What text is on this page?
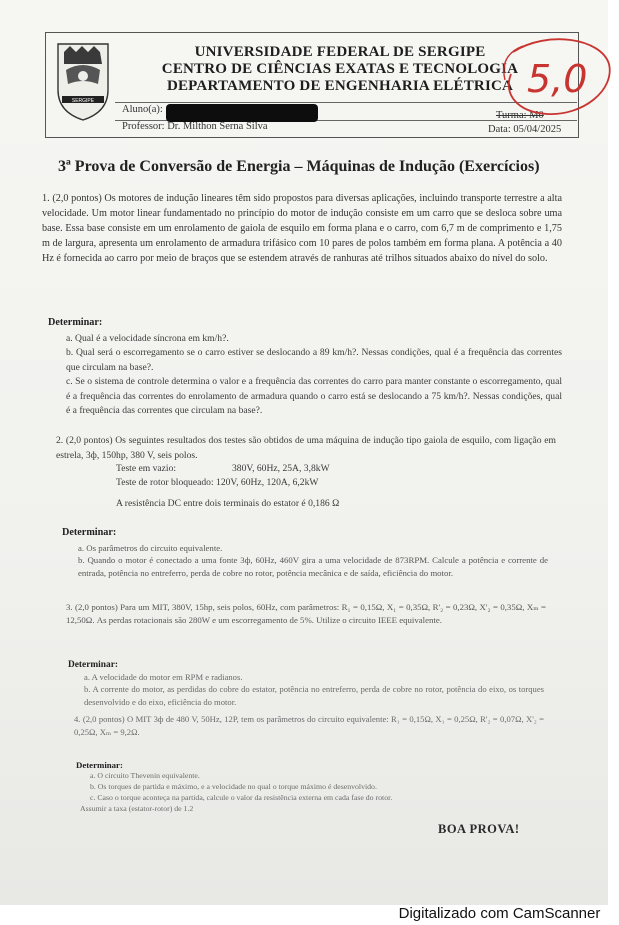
SERGIPE
UNIVERSIDADE FEDERAL DE SERGIPE
CENTRO DE CIÊNCIAS EXATAS E TECNOLOGIA
DEPARTAMENTO DE ENGENHARIA ELÉTRICA
Aluno(a):
Professor: Dr. Milthon Serna Silva
Turma: M0
Data: 05/04/2025
5,0
3ª Prova de Conversão de Energia – Máquinas de Indução (Exercícios)
1. (2,0 pontos) Os motores de indução lineares têm sido propostos para diversas aplicações, incluindo transporte terrestre a alta velocidade. Um motor linear fundamentado no princípio do motor de indução consiste em um carro que se desloca sobre uma base. Essa base consiste em um enrolamento de gaiola de esquilo em forma plana e o carro, com 6,7 m de comprimento e 1,75 m de largura, apresenta um enrolamento de armadura trifásico com 10 pares de polos também em forma plana. A potência a 40 Hz é fornecida ao carro por meio de braços que se estendem através de ranhuras até trilhos situados abaixo do nível do solo.
Determinar:
a. Qual é a velocidade síncrona em km/h?.
b. Qual será o escorregamento se o carro estiver se deslocando a 89 km/h?. Nessas condições, qual é a frequência das correntes que circulam na base?.
c. Se o sistema de controle determina o valor e a frequência das correntes do carro para manter constante o escorregamento, qual é a frequência das correntes do enrolamento de armadura quando o carro está se deslocando a 75 km/h?. Nessas condições, qual é a frequência das correntes que circulam na base?.
2. (2,0 pontos) Os seguintes resultados dos testes são obtidos de uma máquina de indução tipo gaiola de esquilo, com ligação em estrela, 3ф, 150hp, 380 V, seis polos.
Teste em vazio:	380V, 60Hz, 25A, 3,8kW
Teste de rotor bloqueado: 120V, 60Hz, 120A, 6,2kW
A resistência DC entre dois terminais do estator é 0,186 Ω
Determinar:
a. Os parâmetros do circuito equivalente.
b. Quando o motor é conectado a uma fonte 3ф, 60Hz, 460V gira a uma velocidade de 873RPM. Calcule a potência e corrente de entrada, potência no entreferro, perda de cobre no rotor, potência mecânica e de saída, eficiência do motor.
3. (2,0 pontos) Para um MIT, 380V, 15hp, seis polos, 60Hz, com parâmetros: R₁ = 0,15Ω, X₁ = 0,35Ω, R'₂ = 0,23Ω, X'₂ = 0,35Ω, Xₘ = 12,50Ω. As perdas rotacionais são 280W e um escorregamento de 5%. Utilize o circuito IEEE equivalente.
Determinar:
a. A velocidade do motor em RPM e radianos.
b. A corrente do motor, as perdidas do cobre do estator, potência no entreferro, perda de cobre no rotor, potência do eixo, os torques desenvolvido e do eixo, eficiência do motor.
4. (2,0 pontos) O MIT 3ф de 480 V, 50Hz, 12P, tem os parâmetros do circuito equivalente: R₁ = 0,15Ω, X₁ = 0,25Ω, R'₂ = 0,07Ω, X'₂ = 0,25Ω, Xₘ = 9,2Ω.
Determinar:
a. O circuito Thevenin equivalente.
b. Os torques de partida e máximo, e a velocidade no qual o torque máximo é desenvolvido.
c. Caso o torque aconteça na partida, calcule o valor da resistência externa em cada fase do rotor.
Assumir a taxa (estator-rotor) de 1.2
BOA PROVA!
Digitalizado com CamScanner
